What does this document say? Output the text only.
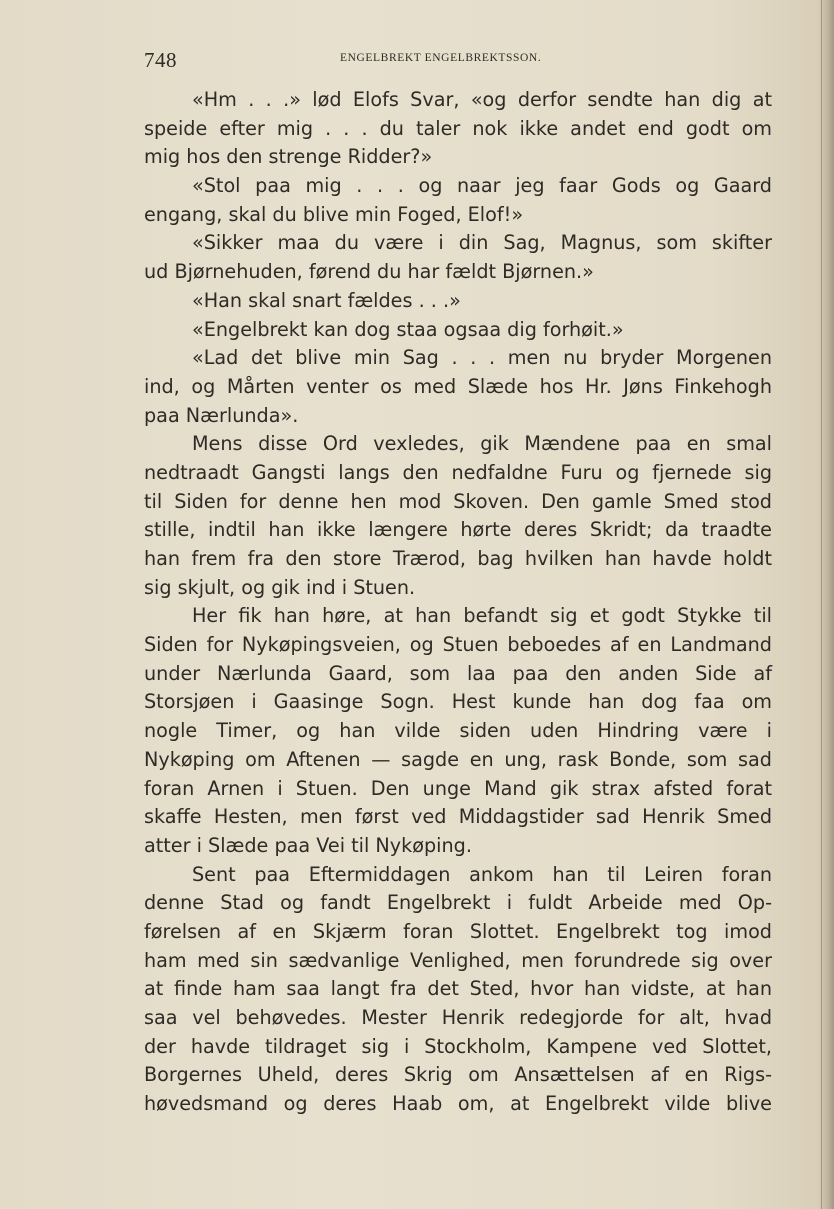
748	ENGELBREKT ENGELBREKTSSON.
«Hm . . .» lød Elofs Svar, «og derfor sendte han dig at
speide efter mig . . . du taler nok ikke andet end godt om
mig hos den strenge Ridder?»
«Stol paa mig . . . og naar jeg faar Gods og Gaard
engang, skal du blive min Foged, Elof!»
«Sikker maa du være i din Sag, Magnus, som skifter
ud Bjørnehuden, førend du har fældt Bjørnen.»
«Han skal snart fældes . . .»
«Engelbrekt kan dog staa ogsaa dig forhøit.»
«Lad det blive min Sag . . . men nu bryder Morgenen
ind, og Mårten venter os med Slæde hos Hr. Jøns Finkehogh
paa Nærlunda».
Mens disse Ord vexledes, gik Mændene paa en smal
nedtraadt Gangsti langs den nedfaldne Furu og fjernede sig
til Siden for denne hen mod Skoven. Den gamle Smed stod
stille, indtil han ikke længere hørte deres Skridt; da traadte
han frem fra den store Trærod, bag hvilken han havde holdt
sig skjult, og gik ind i Stuen.
Her fik han høre, at han befandt sig et godt Stykke til
Siden for Nykøpingsveien, og Stuen beboedes af en Landmand
under Nærlunda Gaard, som laa paa den anden Side af
Storsjøen i Gaasinge Sogn. Hest kunde han dog faa om
nogle Timer, og han vilde siden uden Hindring være i
Nykøping om Aftenen — sagde en ung, rask Bonde, som sad
foran Arnen i Stuen. Den unge Mand gik strax afsted forat
skaffe Hesten, men først ved Middagstider sad Henrik Smed
atter i Slæde paa Vei til Nykøping.
Sent paa Eftermiddagen ankom han til Leiren foran
denne Stad og fandt Engelbrekt i fuldt Arbeide med Op-
førelsen af en Skjærm foran Slottet. Engelbrekt tog imod
ham med sin sædvanlige Venlighed, men forundrede sig over
at finde ham saa langt fra det Sted, hvor han vidste, at han
saa vel behøvedes. Mester Henrik redegjorde for alt, hvad
der havde tildraget sig i Stockholm, Kampene ved Slottet,
Borgernes Uheld, deres Skrig om Ansættelsen af en Rigs-
høvedsmand og deres Haab om, at Engelbrekt vilde blive
